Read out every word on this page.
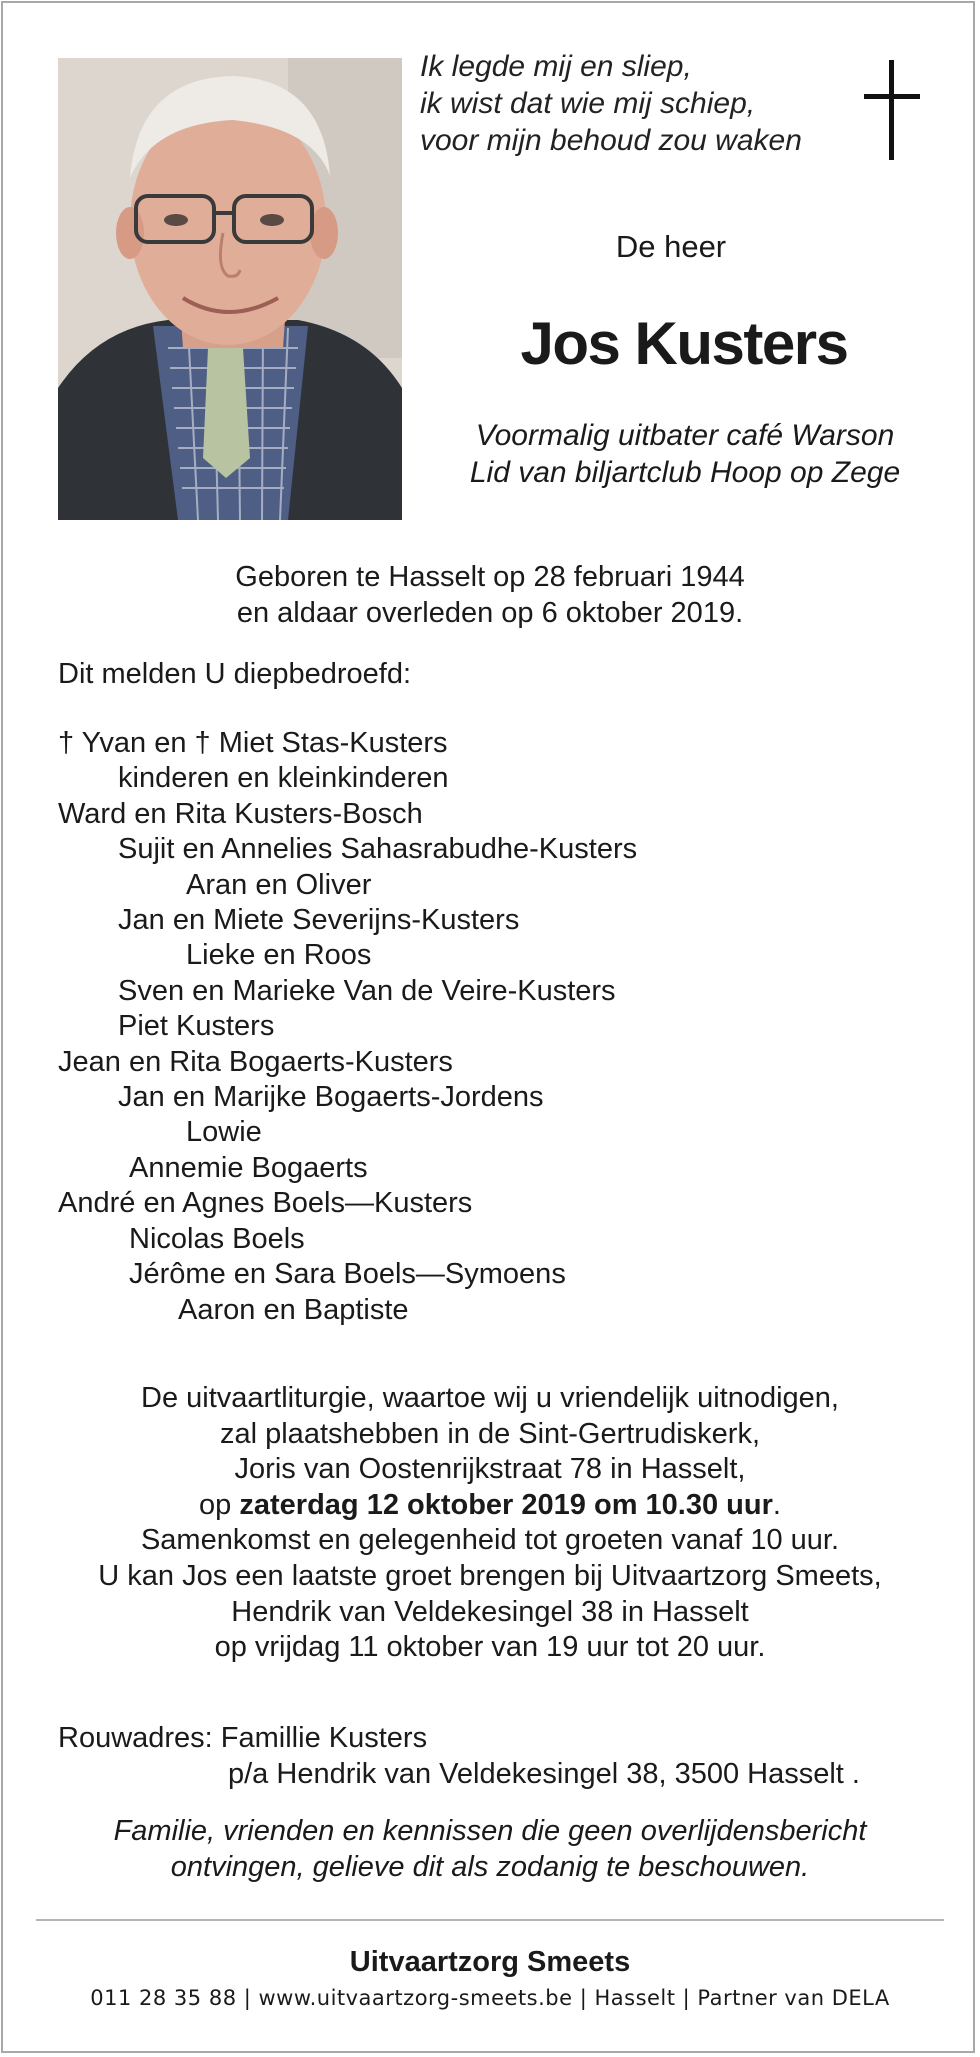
Ik legde mij en sliep,
ik wist dat wie mij schiep,
voor mijn behoud zou waken
De heer
Jos Kusters
Voormalig uitbater café Warson
Lid van biljartclub Hoop op Zege
Geboren te Hasselt op 28 februari 1944
en aldaar overleden op 6 oktober 2019.
Dit melden U diepbedroefd:
† Yvan en † Miet Stas-Kusters
kinderen en kleinkinderen
Ward en Rita Kusters-Bosch
Sujit en Annelies Sahasrabudhe-Kusters
Aran en Oliver
Jan en Miete Severijns-Kusters
Lieke en Roos
Sven en Marieke Van de Veire-Kusters
Piet Kusters
Jean en Rita Bogaerts-Kusters
Jan en Marijke Bogaerts-Jordens
Lowie
Annemie Bogaerts
André en Agnes Boels—Kusters
Nicolas Boels
Jérôme en Sara Boels—Symoens
Aaron en Baptiste
De uitvaartliturgie, waartoe wij u vriendelijk uitnodigen,
zal plaatshebben in de Sint-Gertrudiskerk,
Joris van Oostenrijkstraat 78 in Hasselt,
op zaterdag 12 oktober 2019 om 10.30 uur.
Samenkomst en gelegenheid tot groeten vanaf 10 uur.
U kan Jos een laatste groet brengen bij Uitvaartzorg Smeets,
Hendrik van Veldekesingel 38 in Hasselt
op vrijdag 11 oktober van 19 uur tot 20 uur.
Rouwadres: Famillie Kusters
p/a Hendrik van Veldekesingel 38, 3500 Hasselt .
Familie, vrienden en kennissen die geen overlijdensbericht
ontvingen, gelieve dit als zodanig te beschouwen.
Uitvaartzorg Smeets
011 28 35 88 | www.uitvaartzorg-smeets.be | Hasselt | Partner van DELA
